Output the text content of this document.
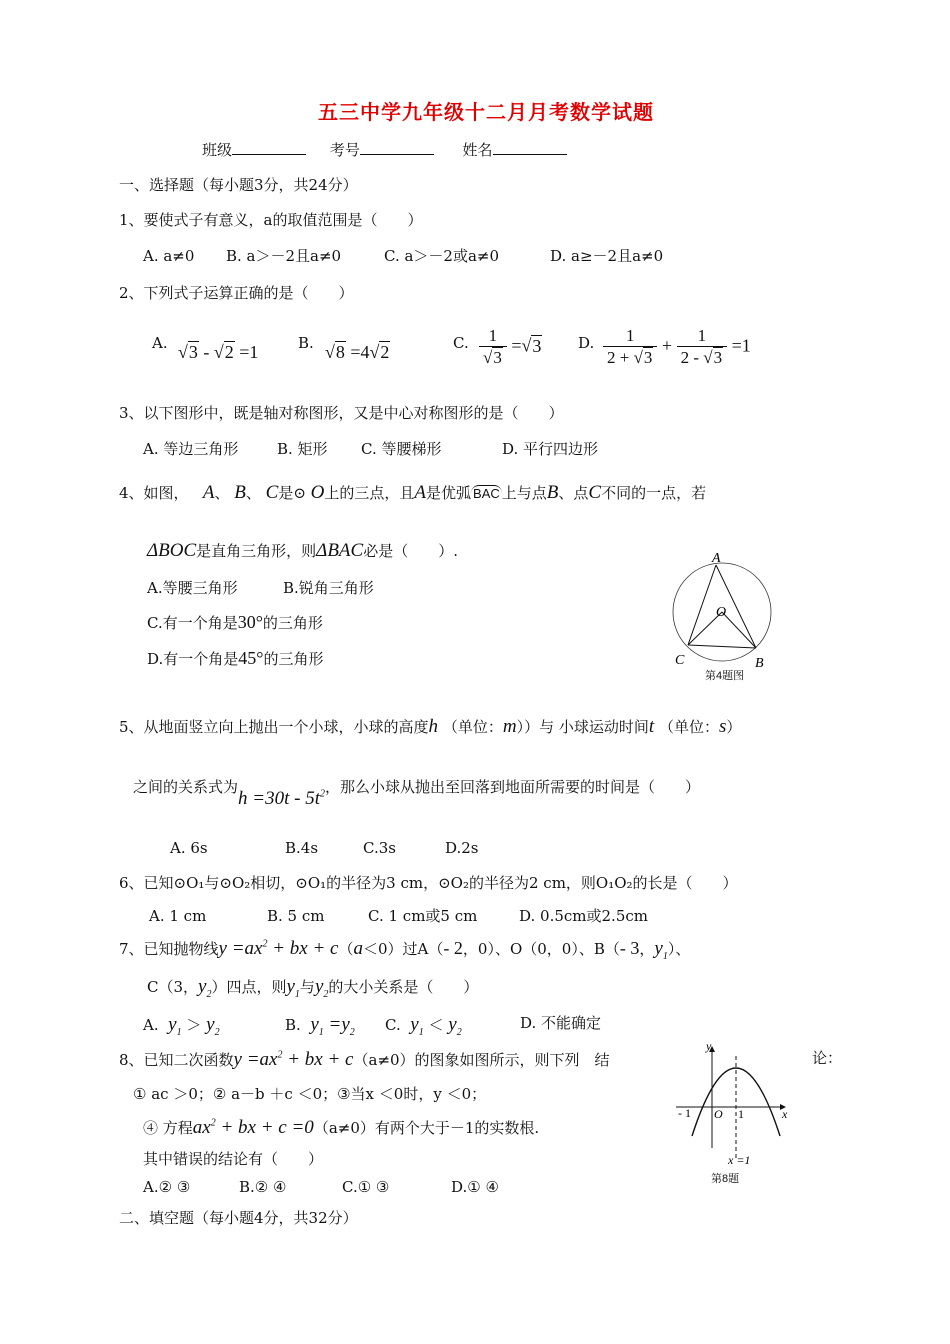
五三中学九年级十二月月考数学试题
班级	考号	姓名
一、选择题（每小题3分，共24分）
1、要使式子有意义，a的取值范围是（　　）
A. a≠0 B. a＞－2且a≠0	C. a＞－2或a≠0	D. a≥－2且a≠0
2、下列式子运算正确的是（　　）
A. √3 - √2 =1	B. √8 =4√2	C. $\frac{1}{√3} =√3$ D. $\frac{1}{2 + √3} + \frac{1}{2 - √3} =1$
3、以下图形中，既是轴对称图形，又是中心对称图形的是（　　）
A. 等边三角形	B. 矩形 C. 等腰梯形	D. 平行四边形
4、如图， A、 B、 C是⊙ O上的三点，且A是优弧 BAC 上与点B、点C不同的一点，若
ΔBOC是直角三角形，则ΔBAC必是（　　）.
A.等腰三角形	B.锐角三角形
C.有一个角是30°的三角形
D.有一个角是45°的三角形
A
O
C	B
第4题图
5、从地面竖立向上抛出一个小球，小球的高度h （单位：m））与 小球运动时间t （单位：s）
之间的关系式为$h =30t - 5t^2$，那么小球从抛出至回落到地面所需要的时间是（　　）
A. 6s	B.4s	C.3s	D.2s
6、已知⊙O₁与⊙O₂相切，⊙O₁的半径为3 cm，⊙O₂的半径为2 cm，则O₁O₂的长是（　　）
A. 1 cm	B. 5 cm	C. 1 cm或5 cm	D. 0.5cm或2.5cm
7、已知抛物线$y =ax^2$ + bx + c（a＜0）过A（- 2，0）、O（0，0）、B（- 3，$y_1$）、
C（3，$y_2$）四点，则$y_1$与$y_2$的大小关系是（　　）
A. $y_1 > y_2$	B. $y_1 =y_2$ C. $y_1 < y_2$
D. 不能确定
8、已知二次函数$y =ax^2$ + bx + c（a≠0）的图象如图所示，则下列　结	论：
① ac ＞0；② a－b ＋c ＜0；③当x ＜0时，y ＜0；
④ 方程$ax^2$ + bx + c =0（a≠0）有两个大于－1的实数根.
其中错误的结论有（　　）
A.② ③	B.② ④	C.① ③	D.① ④
y
- 1 O 1	x
x =1
第8题
二、填空题（每小题4分，共32分）
